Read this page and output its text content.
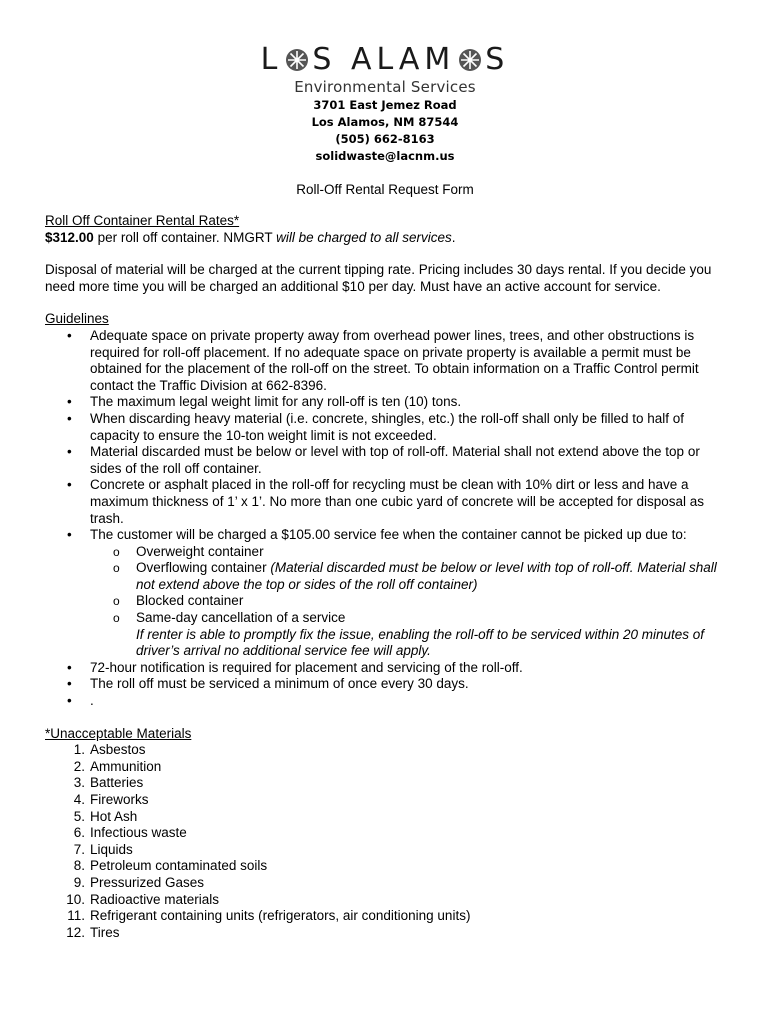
L S ALAM S
Environmental Services
3701 East Jemez Road
Los Alamos, NM 87544
(505) 662-8163
solidwaste@lacnm.us
Roll-Off Rental Request Form

Roll Off Container Rental Rates*

$312.00 per roll off container. NMGRT will be charged to all services.

Disposal of material will be charged at the current tipping rate. Pricing includes 30 days rental. If you decide you need more time you will be charged an additional $10 per day. Must have an active account for service.

Guidelines

• Adequate space on private property away from overhead power lines, trees, and other obstructions is required for roll-off placement. If no adequate space on private property is available a permit must be obtained for the placement of the roll-off on the street. To obtain information on a Traffic Control permit contact the Traffic Division at 662-8396.
• The maximum legal weight limit for any roll-off is ten (10) tons.
• When discarding heavy material (i.e. concrete, shingles, etc.) the roll-off shall only be filled to half of capacity to ensure the 10-ton weight limit is not exceeded.
• Material discarded must be below or level with top of roll-off. Material shall not extend above the top or sides of the roll off container.
• Concrete or asphalt placed in the roll-off for recycling must be clean with 10% dirt or less and have a maximum thickness of 1’ x 1’. No more than one cubic yard of concrete will be accepted for disposal as trash.
• The customer will be charged a $105.00 service fee when the container cannot be picked up due to:
o Overweight container
o Overflowing container (Material discarded must be below or level with top of roll-off. Material shall not extend above the top or sides of the roll off container)
o Blocked container
o Same-day cancellation of a service
If renter is able to promptly fix the issue, enabling the roll-off to be serviced within 20 minutes of driver’s arrival no additional service fee will apply.
• 72-hour notification is required for placement and servicing of the roll-off.
• The roll off must be serviced a minimum of once every 30 days.
• .

*Unacceptable Materials

1. Asbestos
2. Ammunition
3. Batteries
4. Fireworks
5. Hot Ash
6. Infectious waste
7. Liquids
8. Petroleum contaminated soils
9. Pressurized Gases
10. Radioactive materials
11. Refrigerant containing units (refrigerators, air conditioning units)
12. Tires
